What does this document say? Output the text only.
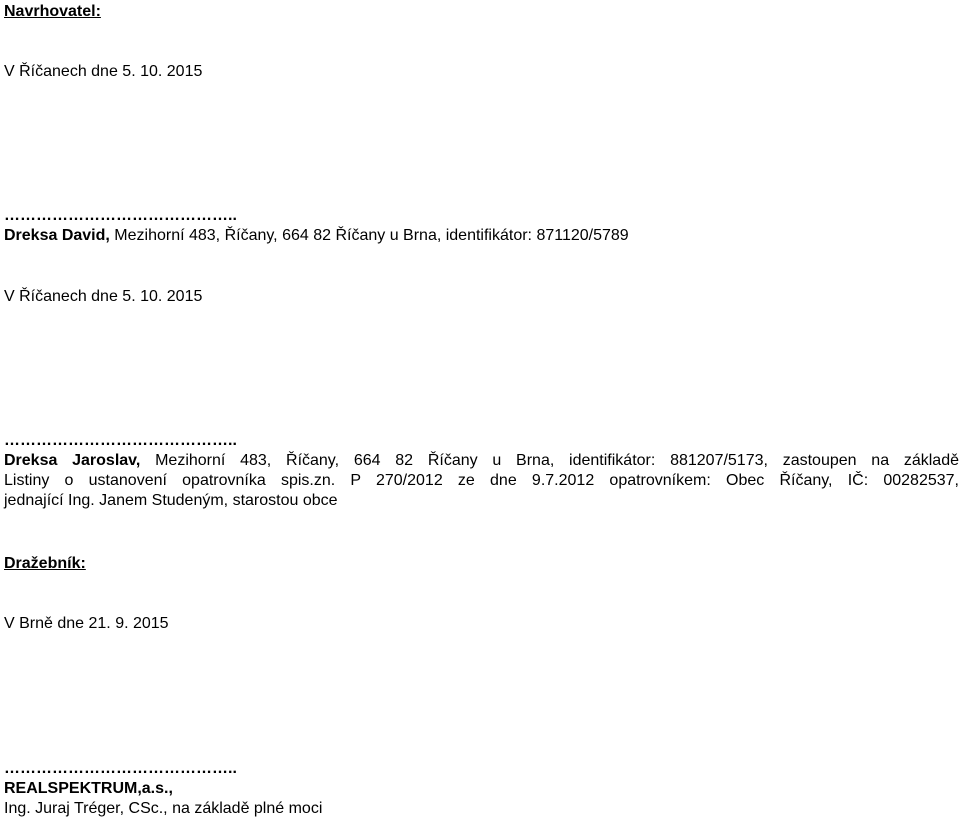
Navrhovatel:
V Říčanech dne 5. 10. 2015
……………………………………..
Dreksa David, Mezihorní 483, Říčany, 664 82 Říčany u Brna, identifikátor: 871120/5789
V Říčanech dne 5. 10. 2015
……………………………………..
Dreksa Jaroslav, Mezihorní 483, Říčany, 664 82 Říčany u Brna, identifikátor: 881207/5173, zastoupen na základě
Listiny o ustanovení opatrovníka spis.zn. P 270/2012 ze dne 9.7.2012 opatrovníkem: Obec Říčany, IČ: 00282537,
jednající Ing. Janem Studeným, starostou obce
Dražebník:
V Brně dne 21. 9. 2015
……………………………………..
REALSPEKTRUM,a.s.,
Ing. Juraj Tréger, CSc., na základě plné moci
